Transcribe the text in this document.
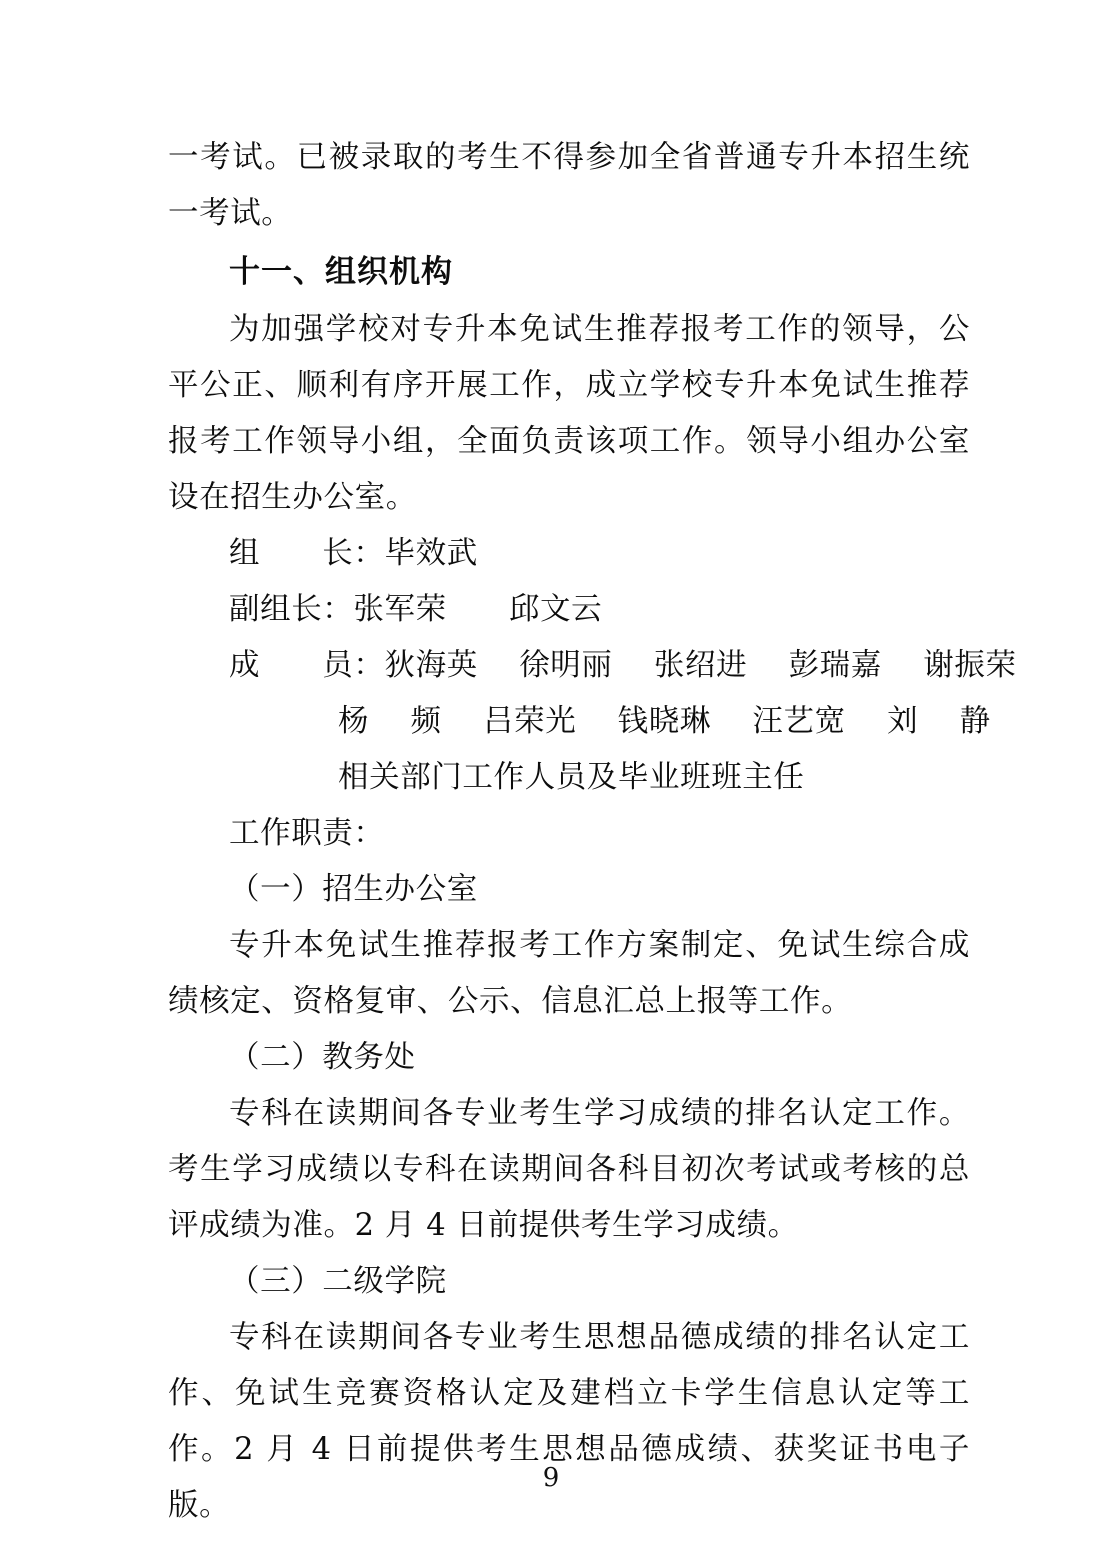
一考试。已被录取的考生不得参加全省普通专升本招生统一考试。

十一、组织机构

为加强学校对专升本免试生推荐报考工作的领导，公平公正、顺利有序开展工作，成立学校专升本免试生推荐报考工作领导小组，全面负责该项工作。领导小组办公室设在招生办公室。

组　　长：毕效武

副组长：张军荣　　邱文云

成　　员：狄海英　 徐明丽　 张绍进　 彭瑞嘉　 谢振荣

杨　 频　 吕荣光　 钱晓琳　 汪艺宽　 刘　 静

相关部门工作人员及毕业班班主任

工作职责：

（一）招生办公室

专升本免试生推荐报考工作方案制定、免试生综合成绩核定、资格复审、公示、信息汇总上报等工作。

（二）教务处

专科在读期间各专业考生学习成绩的排名认定工作。考生学习成绩以专科在读期间各科目初次考试或考核的总评成绩为准。2 月 4 日前提供考生学习成绩。

（三）二级学院

专科在读期间各专业考生思想品德成绩的排名认定工作、免试生竞赛资格认定及建档立卡学生信息认定等工作。2 月 4 日前提供考生思想品德成绩、获奖证书电子版。

9
